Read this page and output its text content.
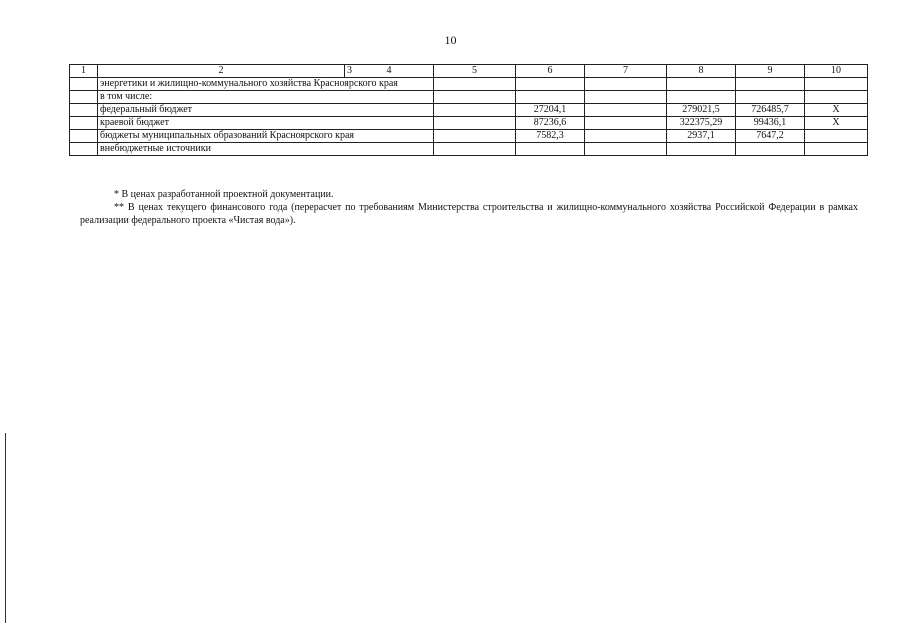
10
1	2	3	4	5	6	7	8	9	10
	энергетики и жилищно-коммунального хозяйства Красноярского края							
	в том числе:							
	федеральный бюджет			27204,1		279021,5	726485,7	Х
	краевой бюджет			87236,6		322375,29	99436,1	Х
	бюджеты муниципальных образований Красноярского края			7582,3		2937,1	7647,2	
	внебюджетные источники							
* В ценах разработанной проектной документации.
** В ценах текущего финансового года (перерасчет по требованиям Министерства строительства и жилищно-коммунального хозяйства Российской Федерации в рамках реализации федерального проекта «Чистая вода»).
